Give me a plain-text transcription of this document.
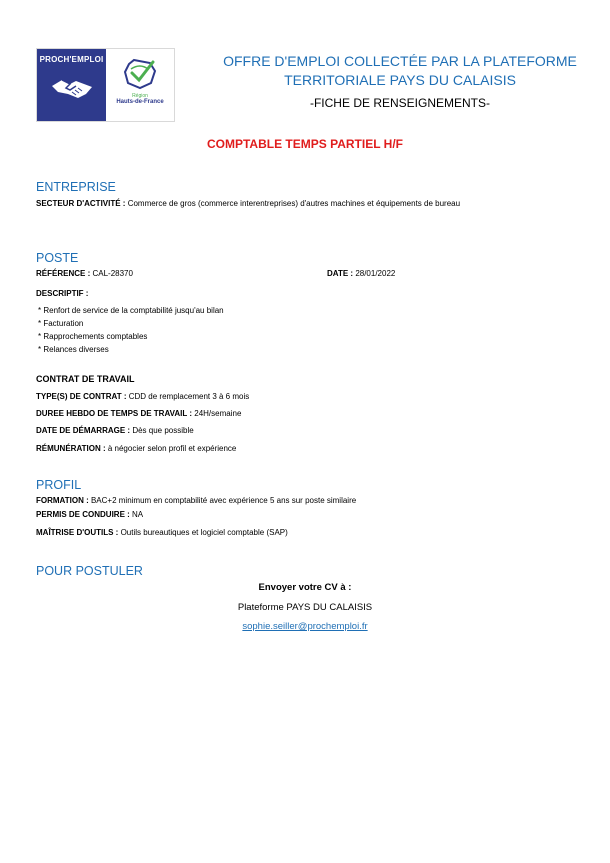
PROCH'EMPLOI
Région
Hauts-de-France
OFFRE D'EMPLOI COLLECTÉE PAR LA PLATEFORME
TERRITORIALE PAYS DU CALAISIS
-FICHE DE RENSEIGNEMENTS-
COMPTABLE TEMPS PARTIEL H/F
ENTREPRISE
SECTEUR D'ACTIVITÉ : Commerce de gros (commerce interentreprises) d'autres machines et équipements de bureau
POSTE
RÉFÉRENCE : CAL-28370	DATE : 28/01/2022
DESCRIPTIF :
* Renfort de service de la comptabilité jusqu'au bilan
* Facturation
* Rapprochements comptables
* Relances diverses
CONTRAT DE TRAVAIL
TYPE(S) DE CONTRAT : CDD de remplacement 3 à 6 mois
DUREE HEBDO DE TEMPS DE TRAVAIL : 24H/semaine
DATE DE DÉMARRAGE : Dès que possible
RÉMUNÉRATION : à négocier selon profil et expérience
PROFIL
FORMATION : BAC+2 minimum en comptabilité avec expérience 5 ans sur poste similaire
PERMIS DE CONDUIRE : NA
MAÎTRISE D'OUTILS : Outils bureautiques et logiciel comptable (SAP)
POUR POSTULER
Envoyer votre CV à :
Plateforme PAYS DU CALAISIS
sophie.seiller@prochemploi.fr
